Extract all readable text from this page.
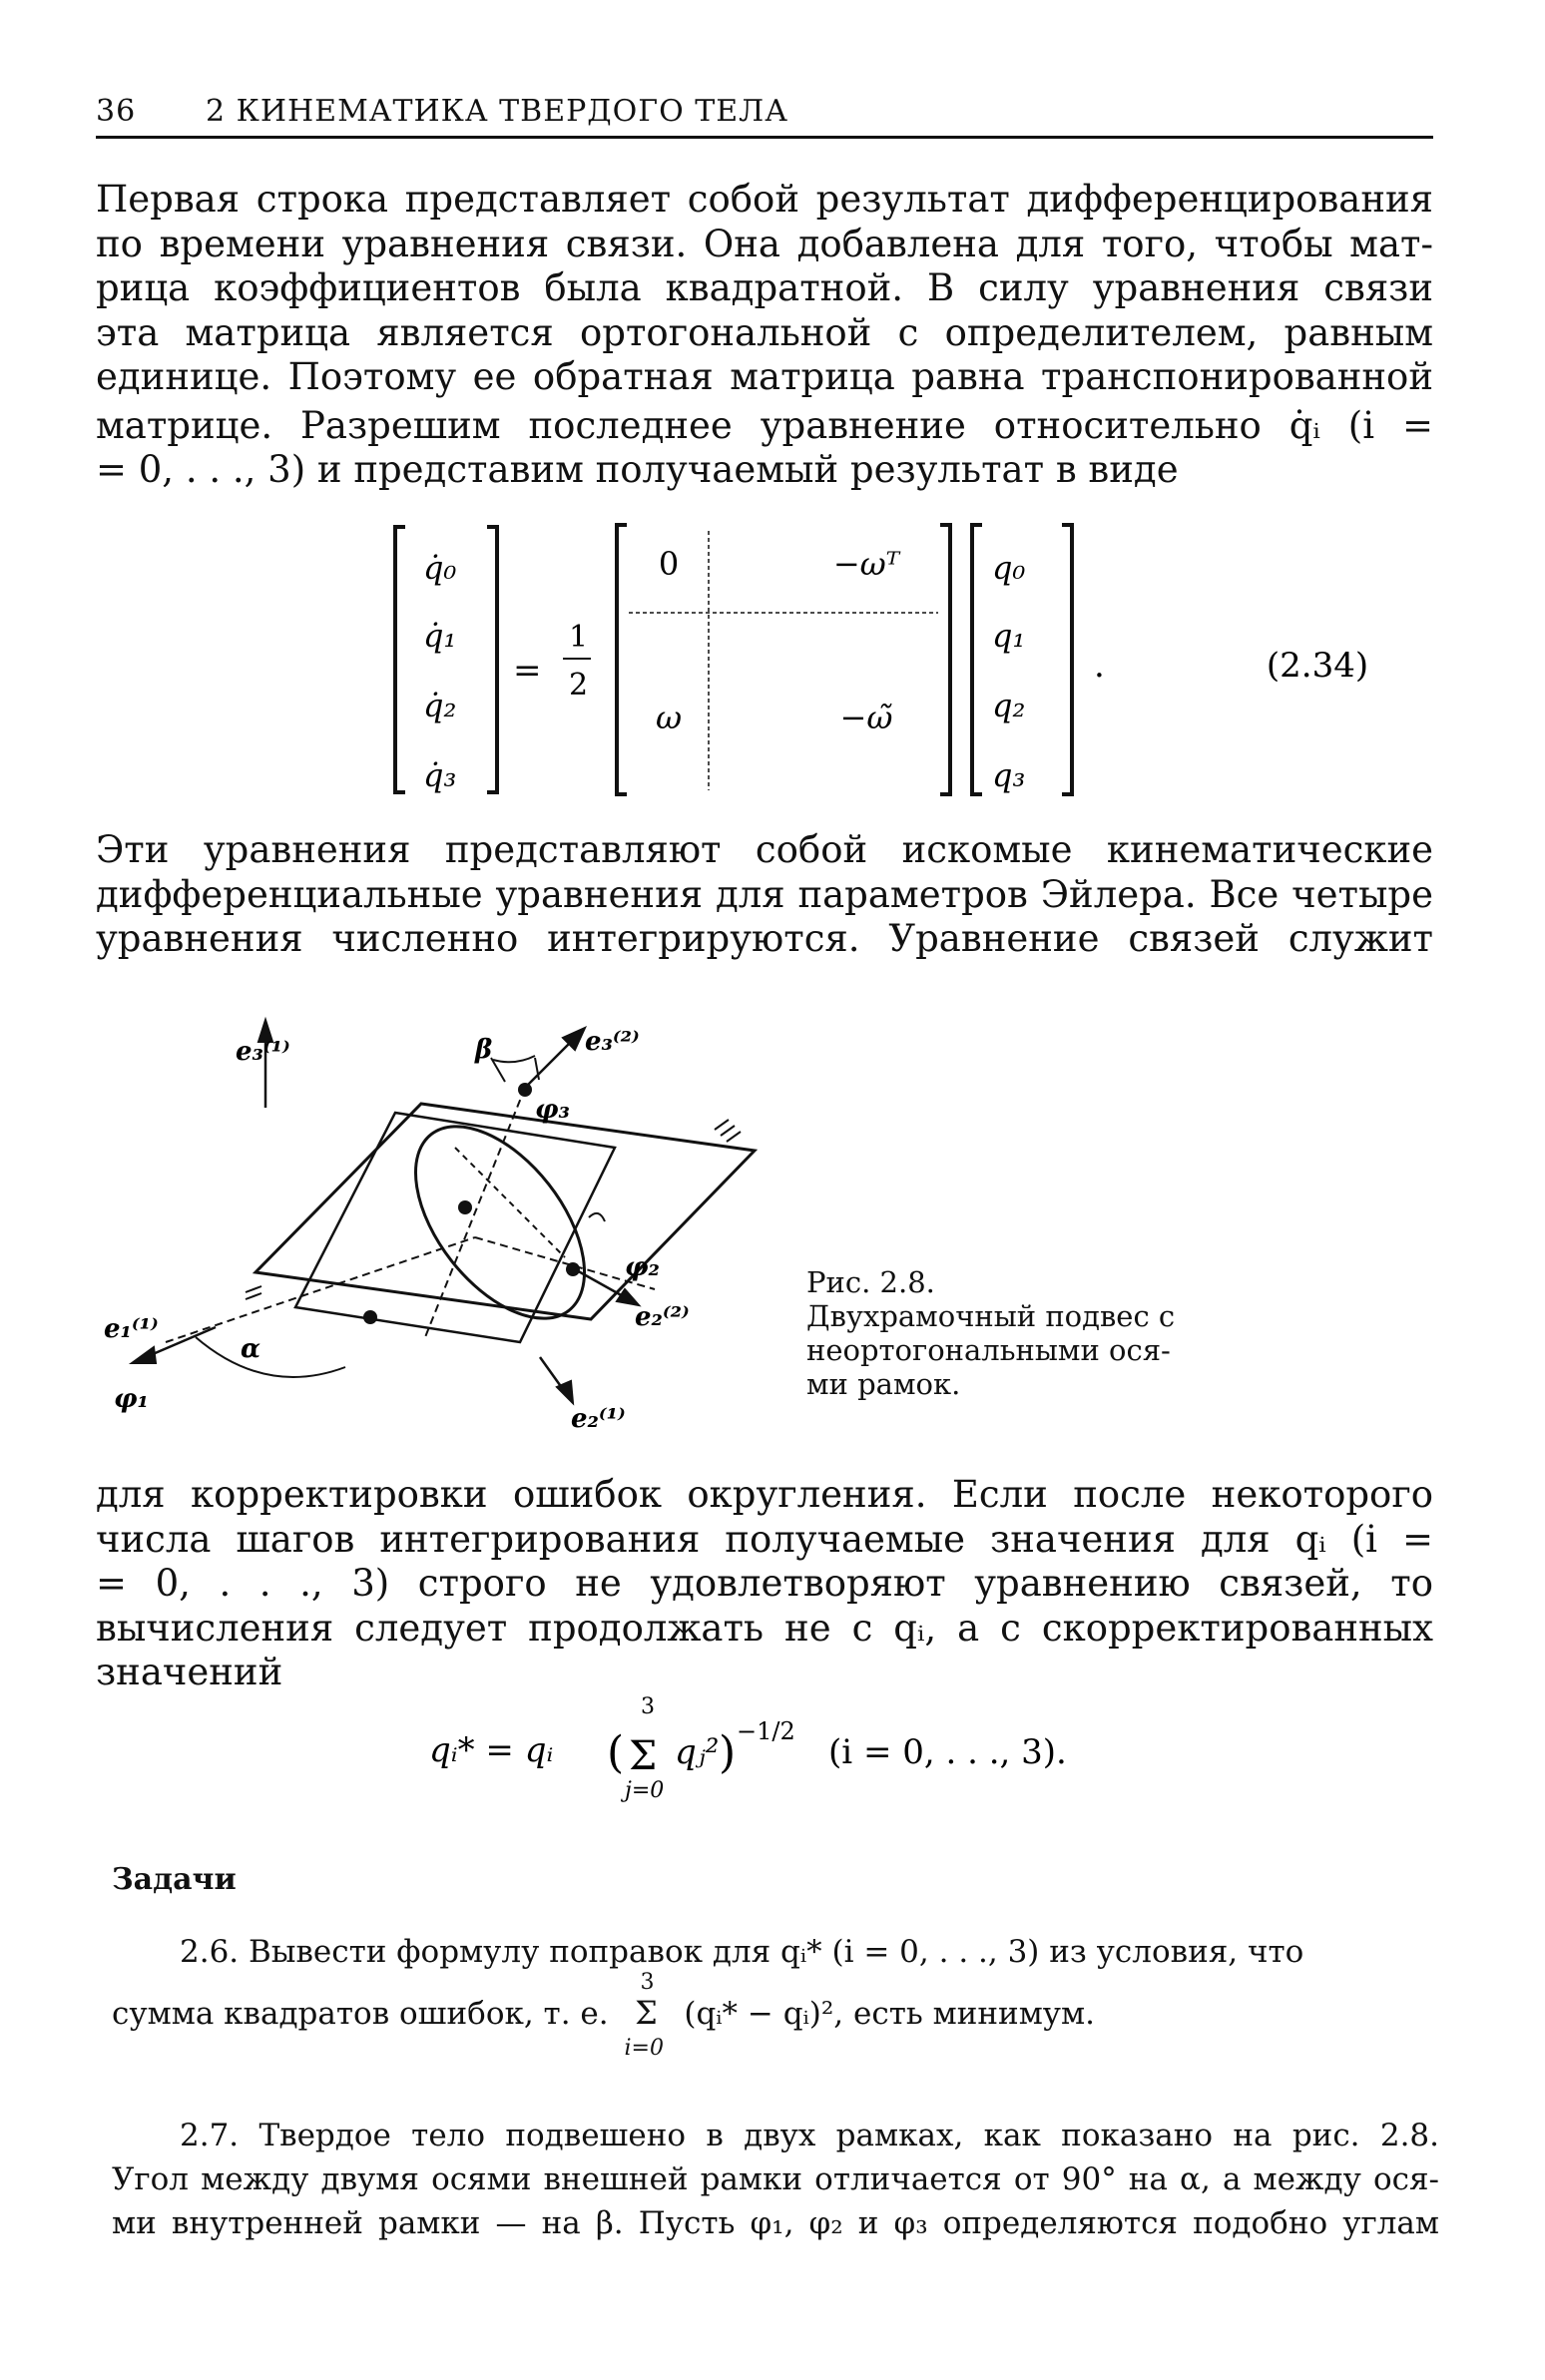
36 2 КИНЕМАТИКА ТВЕРДОГО ТЕЛА
Первая строка представляет собой результат дифференцирования
по времени уравнения связи. Она добавлена для того, чтобы мат-
рица коэффициентов была квадратной. В силу уравнения связи
эта матрица является ортогональной с определителем, равным
единице. Поэтому ее обратная матрица равна транспонированной
матрице. Разрешим последнее уравнение относительно q̇ᵢ (i =
= 0, . . ., 3) и представим получаемый результат в виде
q̇₀
q̇₁
q̇₂
q̇₃
=
1
2
0	−ωᵀ
ω	−ω̃
q₀
q₁
q₂
q₃
.	(2.34)
Эти уравнения представляют собой искомые кинематические
дифференциальные уравнения для параметров Эйлера. Все четыре
уравнения численно интегрируются. Уравнение связей служит
e₃⁽¹⁾	β	e₃⁽²⁾
φ₃
e₁⁽¹⁾
α
φ₁
φ₂
e₂⁽²⁾
e₂⁽¹⁾
Рис. 2.8.
Двухрамочный подвес с
неортогональными ося-
ми рамок.
для корректировки ошибок округления. Если после некоторого
числа шагов интегрирования получаемые значения для qᵢ (i =
= 0, . . ., 3) строго не удовлетворяют уравнению связей, то
вычисления следует продолжать не с qᵢ, а с скорректированных
значений
qᵢ* = qᵢ ( Σ
3
j=0
qⱼ² ) −1/2
(i = 0, . . ., 3).
Задачи
2.6. Вывести формулу поправок для qᵢ* (i = 0, . . ., 3) из условия, что
сумма квадратов ошибок, т. е.
3
Σ
i=0
(qᵢ* − qᵢ)², есть минимум.
2.7. Твердое тело подвешено в двух рамках, как показано на рис. 2.8.
Угол между двумя осями внешней рамки отличается от 90° на α, а между ося-
ми внутренней рамки — на β. Пусть φ₁, φ₂ и φ₃ определяются подобно углам
